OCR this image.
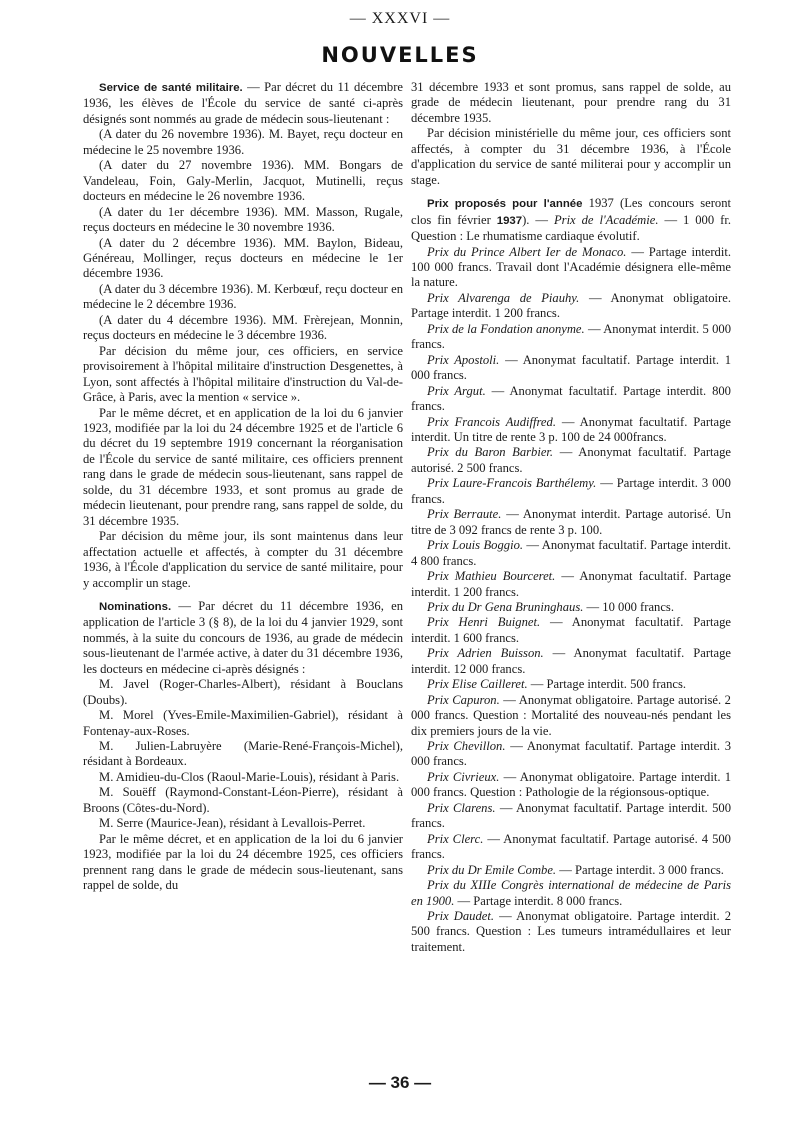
— XXXVI —
NOUVELLES

Service de santé militaire. — Par décret du 11 décembre 1936, les élèves de l'École du service de santé ci-après désignés sont nommés au grade de médecin sous-lieutenant :

(A dater du 26 novembre 1936). M. Bayet, reçu docteur en médecine le 25 novembre 1936.

(A dater du 27 novembre 1936). MM. Bongars de Vandeleau, Foin, Galy-Merlin, Jacquot, Mutinelli, reçus docteurs en médecine le 26 novembre 1936.

(A dater du 1er décembre 1936). MM. Masson, Rugale, reçus docteurs en médecine le 30 novembre 1936.

(A dater du 2 décembre 1936). MM. Baylon, Bideau, Généreau, Mollinger, reçus docteurs en médecine le 1er décembre 1936.

(A dater du 3 décembre 1936). M. Kerbœuf, reçu docteur en médecine le 2 décembre 1936.

(A dater du 4 décembre 1936). MM. Frèrejean, Monnin, reçus docteurs en médecine le 3 décembre 1936.

Par décision du même jour, ces officiers, en service provisoirement à l'hôpital militaire d'instruction Desgenettes, à Lyon, sont affectés à l'hôpital militaire d'instruction du Val-de-Grâce, à Paris, avec la mention « service ».

Par le même décret, et en application de la loi du 6 janvier 1923, modifiée par la loi du 24 décembre 1925 et de l'article 6 du décret du 19 septembre 1919 concernant la réorganisation de l'École du service de santé militaire, ces officiers prennent rang dans le grade de médecin sous-lieutenant, sans rappel de solde, du 31 décembre 1933, et sont promus au grade de médecin lieutenant, pour prendre rang, sans rappel de solde, du 31 décembre 1935.

Par décision du même jour, ils sont maintenus dans leur affectation actuelle et affectés, à compter du 31 décembre 1936, à l'École d'application du service de santé militaire, pour y accomplir un stage.

Nominations. — Par décret du 11 décembre 1936, en application de l'article 3 (§ 8), de la loi du 4 janvier 1929, sont nommés, à la suite du concours de 1936, au grade de médecin sous-lieutenant de l'armée active, à dater du 31 décembre 1936, les docteurs en médecine ci-après désignés :

M. Javel (Roger-Charles-Albert), résidant à Bouclans (Doubs).

M. Morel (Yves-Emile-Maximilien-Gabriel), résidant à Fontenay-aux-Roses.

M. Julien-Labruyère (Marie-René-François-Michel), résidant à Bordeaux.

M. Amidieu-du-Clos (Raoul-Marie-Louis), résidant à Paris.

M. Souëff (Raymond-Constant-Léon-Pierre), résidant à Broons (Côtes-du-Nord).

M. Serre (Maurice-Jean), résidant à Levallois-Perret.

Par le même décret, et en application de la loi du 6 janvier 1923, modifiée par la loi du 24 décembre 1925, ces officiers prennent rang dans le grade de médecin sous-lieutenant, sans rappel de solde, du

31 décembre 1933 et sont promus, sans rappel de solde, au grade de médecin lieutenant, pour prendre rang du 31 décembre 1935.

Par décision ministérielle du même jour, ces officiers sont affectés, à compter du 31 décembre 1936, à l'École d'application du service de santé militerai pour y accomplir un stage.

Prix proposés pour l'année 1937 (Les concours seront clos fin février 1937). — Prix de l'Académie. — 1 000 fr. Question : Le rhumatisme cardiaque évolutif.

Prix du Prince Albert Ier de Monaco. — Partage interdit. 100 000 francs. Travail dont l'Académie désignera elle-même la nature.

Prix Alvarenga de Piauhy. — Anonymat obligatoire. Partage interdit. 1 200 francs.

Prix de la Fondation anonyme. — Anonymat interdit. 5 000 francs.

Prix Apostoli. — Anonymat facultatif. Partage interdit. 1 000 francs.

Prix Argut. — Anonymat facultatif. Partage interdit. 800 francs.

Prix Francois Audiffred. — Anonymat facultatif. Partage interdit. Un titre de rente 3 p. 100 de 24 000francs.

Prix du Baron Barbier. — Anonymat facultatif. Partage autorisé. 2 500 francs.

Prix Laure-Francois Barthélemy. — Partage interdit. 3 000 francs.

Prix Berraute. — Anonymat interdit. Partage autorisé. Un titre de 3 092 francs de rente 3 p. 100.

Prix Louis Boggio. — Anonymat facultatif. Partage interdit. 4 800 francs.

Prix Mathieu Bourceret. — Anonymat facultatif. Partage interdit. 1 200 francs.

Prix du Dr Gena Bruninghaus. — 10 000 francs.

Prix Henri Buignet. — Anonymat facultatif. Partage interdit. 1 600 francs.

Prix Adrien Buisson. — Anonymat facultatif. Partage interdit. 12 000 francs.

Prix Elise Cailleret. — Partage interdit. 500 francs.

Prix Capuron. — Anonymat obligatoire. Partage autorisé. 2 000 francs. Question : Mortalité des nouveau-nés pendant les dix premiers jours de la vie.

Prix Chevillon. — Anonymat facultatif. Partage interdit. 3 000 francs.

Prix Civrieux. — Anonymat obligatoire. Partage interdit. 1 000 francs. Question : Pathologie de la régionsous-optique.

Prix Clarens. — Anonymat facultatif. Partage interdit. 500 francs.

Prix Clerc. — Anonymat facultatif. Partage autorisé. 4 500 francs.

Prix du Dr Emile Combe. — Partage interdit. 3 000 francs.

Prix du XIIIe Congrès international de médecine de Paris en 1900. — Partage interdit. 8 000 francs.

Prix Daudet. — Anonymat obligatoire. Partage interdit. 2 500 francs. Question : Les tumeurs intramédullaires et leur traitement.

— 36 —
